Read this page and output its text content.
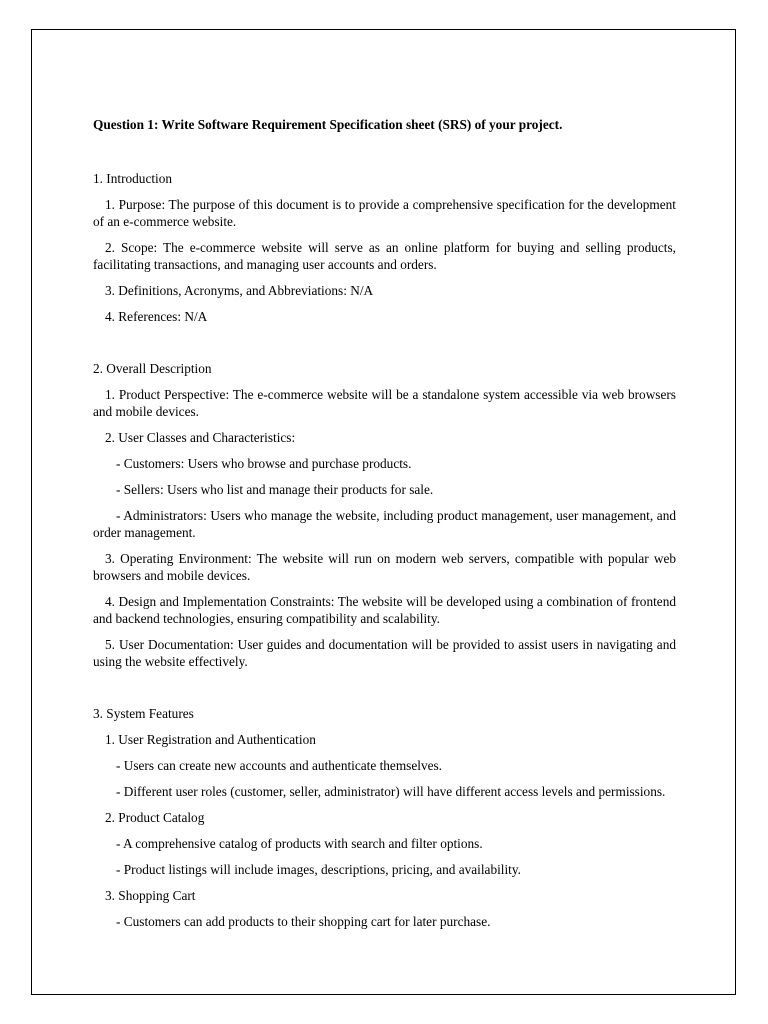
Question 1: Write Software Requirement Specification sheet (SRS) of your project.

1. Introduction

1. Purpose: The purpose of this document is to provide a comprehensive specification for the development of an e-commerce website.

2. Scope: The e-commerce website will serve as an online platform for buying and selling products, facilitating transactions, and managing user accounts and orders.

3. Definitions, Acronyms, and Abbreviations: N/A

4. References: N/A

2. Overall Description

1. Product Perspective: The e-commerce website will be a standalone system accessible via web browsers and mobile devices.

2. User Classes and Characteristics:

- Customers: Users who browse and purchase products.

- Sellers: Users who list and manage their products for sale.

- Administrators: Users who manage the website, including product management, user management, and order management.

3. Operating Environment: The website will run on modern web servers, compatible with popular web browsers and mobile devices.

4. Design and Implementation Constraints: The website will be developed using a combination of frontend and backend technologies, ensuring compatibility and scalability.

5. User Documentation: User guides and documentation will be provided to assist users in navigating and using the website effectively.

3. System Features

1. User Registration and Authentication

- Users can create new accounts and authenticate themselves.

- Different user roles (customer, seller, administrator) will have different access levels and permissions.

2. Product Catalog

- A comprehensive catalog of products with search and filter options.

- Product listings will include images, descriptions, pricing, and availability.

3. Shopping Cart

- Customers can add products to their shopping cart for later purchase.
